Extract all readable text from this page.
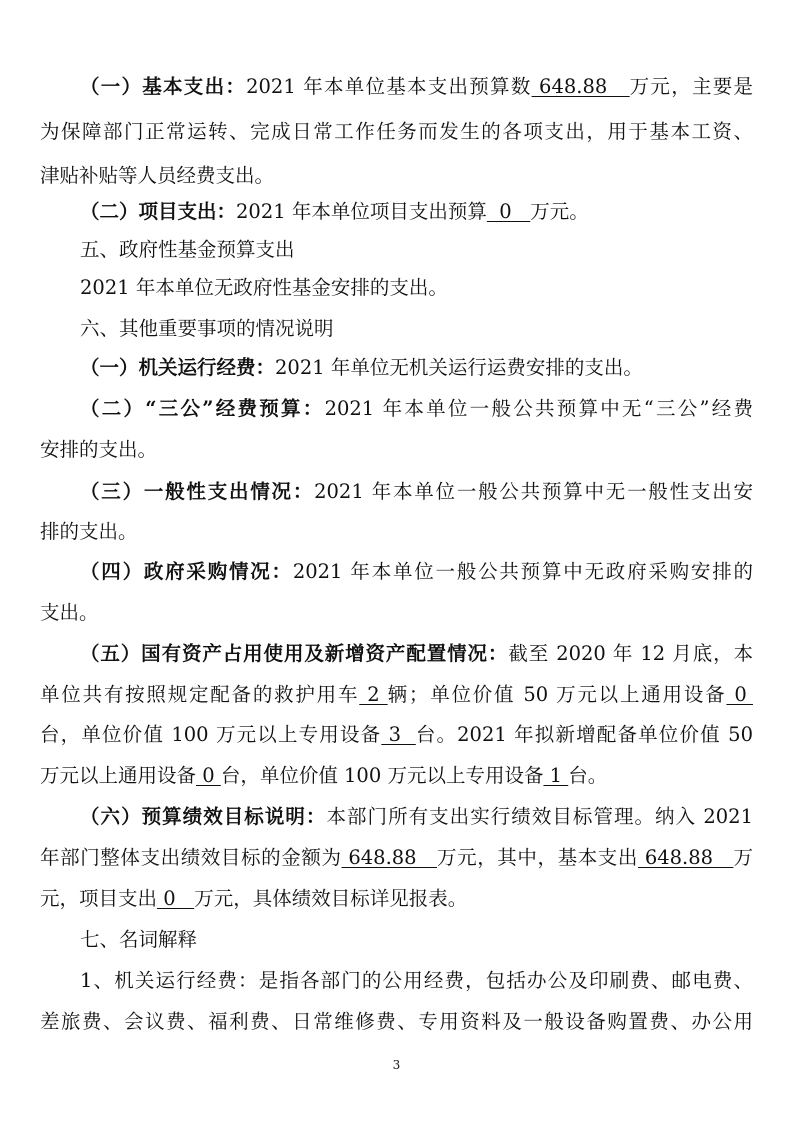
（一）基本支出：2021 年本单位基本支出预算数 648.88   万元，主要是
为保障部门正常运转、完成日常工作任务而发生的各项支出，用于基本工资、
津贴补贴等人员经费支出。
（二）项目支出：2021 年本单位项目支出预算  0   万元。
五、政府性基金预算支出
2021 年本单位无政府性基金安排的支出。
六、其他重要事项的情况说明
（一）机关运行经费：2021 年单位无机关运行运费安排的支出。
（二）“三公”经费预算：2021 年本单位一般公共预算中无“三公”经费
安排的支出。
（三）一般性支出情况：2021 年本单位一般公共预算中无一般性支出安
排的支出。
（四）政府采购情况：2021 年本单位一般公共预算中无政府采购安排的
支出。
（五）国有资产占用使用及新增资产配置情况：截至 2020 年 12 月底，本
单位共有按照规定配备的救护用车 2 辆；单位价值 50 万元以上通用设备 0
台，单位价值 100 万元以上专用设备 3  台。2021 年拟新增配备单位价值 50
万元以上通用设备 0 台，单位价值 100 万元以上专用设备 1 台。
（六）预算绩效目标说明：本部门所有支出实行绩效目标管理。纳入 2021
年部门整体支出绩效目标的金额为 648.88   万元，其中，基本支出 648.88   万
元，项目支出 0   万元，具体绩效目标详见报表。
七、名词解释
1、机关运行经费：是指各部门的公用经费，包括办公及印刷费、邮电费、
差旅费、会议费、福利费、日常维修费、专用资料及一般设备购置费、办公用
3
